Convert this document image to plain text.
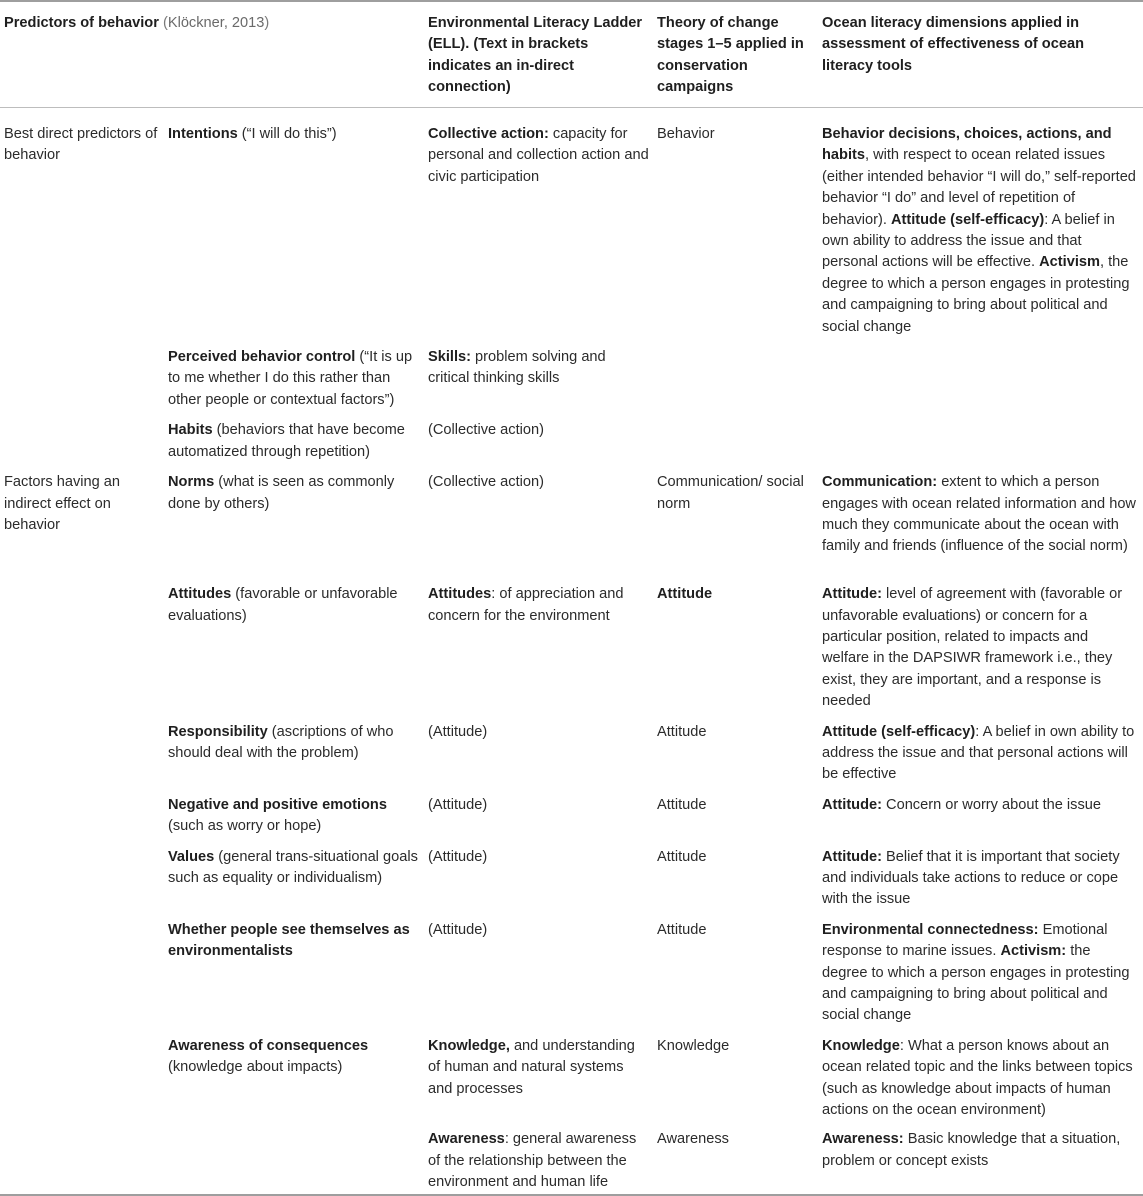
Predictors of behavior (Klöckner, 2013)		Environmental Literacy Ladder (ELL). (Text in brackets indicates an in-direct connection)	Theory of change stages 1–5 applied in conservation campaigns	Ocean literacy dimensions applied in assessment of effectiveness of ocean literacy tools
Best direct predictors of behavior	Intentions (“I will do this”)	Collective action: capacity for personal and collection action and civic participation	Behavior	Behavior decisions, choices, actions, and habits, with respect to ocean related issues (either intended behavior “I will do,” self-reported behavior “I do” and level of repetition of behavior). Attitude (self-efficacy): A belief in own ability to address the issue and that personal actions will be effective. Activism, the degree to which a person engages in protesting and campaigning to bring about political and social change
	Perceived behavior control (“It is up to me whether I do this rather than other people or contextual factors”)	Skills: problem solving and critical thinking skills		
	Habits (behaviors that have become automatized through repetition)	(Collective action)		
Factors having an indirect effect on behavior	Norms (what is seen as commonly done by others)	(Collective action)	Communication/ social norm	Communication: extent to which a person engages with ocean related information and how much they communicate about the ocean with family and friends (influence of the social norm)
	Attitudes (favorable or unfavorable evaluations)	Attitudes: of appreciation and concern for the environment	Attitude	Attitude: level of agreement with (favorable or unfavorable evaluations) or concern for a particular position, related to impacts and welfare in the DAPSIWR framework i.e., they exist, they are important, and a response is needed
	Responsibility (ascriptions of who should deal with the problem)	(Attitude)	Attitude	Attitude (self-efficacy): A belief in own ability to address the issue and that personal actions will be effective
	Negative and positive emotions (such as worry or hope)	(Attitude)	Attitude	Attitude: Concern or worry about the issue
	Values (general trans-situational goals such as equality or individualism)	(Attitude)	Attitude	Attitude: Belief that it is important that society and individuals take actions to reduce or cope with the issue
	Whether people see themselves as environmentalists	(Attitude)	Attitude	Environmental connectedness: Emotional response to marine issues. Activism: the degree to which a person engages in protesting and campaigning to bring about political and social change
	Awareness of consequences (knowledge about impacts)	Knowledge, and understanding of human and natural systems and processes	Knowledge	Knowledge: What a person knows about an ocean related topic and the links between topics (such as knowledge about impacts of human actions on the ocean environment)
		Awareness: general awareness of the relationship between the environment and human life	Awareness	Awareness: Basic knowledge that a situation, problem or concept exists
